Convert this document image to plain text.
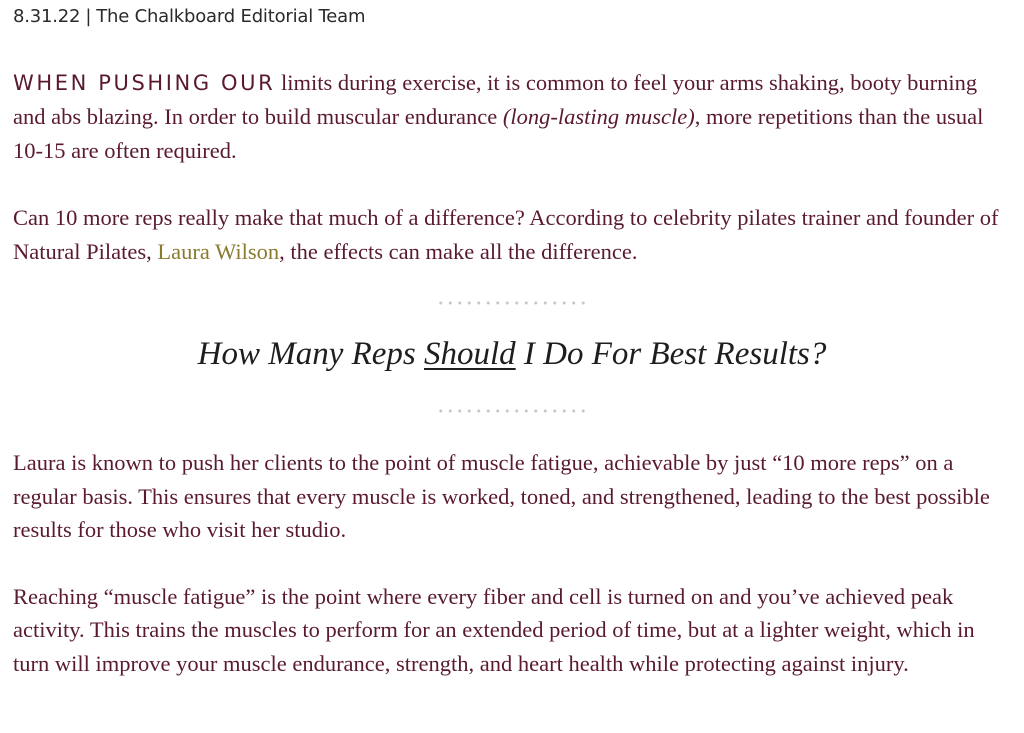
8.31.22 | The Chalkboard Editorial Team

WHEN PUSHING OUR limits during exercise, it is common to feel your arms shaking, booty burning and abs blazing. In order to build muscular endurance (long-lasting muscle), more repetitions than the usual 10-15 are often required.

Can 10 more reps really make that much of a difference? According to celebrity pilates trainer and founder of Natural Pilates, Laura Wilson, the effects can make all the difference.

How Many Reps Should I Do For Best Results?

Laura is known to push her clients to the point of muscle fatigue, achievable by just “10 more reps” on a regular basis. This ensures that every muscle is worked, toned, and strengthened, leading to the best possible results for those who visit her studio.

Reaching “muscle fatigue” is the point where every fiber and cell is turned on and you’ve achieved peak activity. This trains the muscles to perform for an extended period of time, but at a lighter weight, which in turn will improve your muscle endurance, strength, and heart health while protecting against injury.
